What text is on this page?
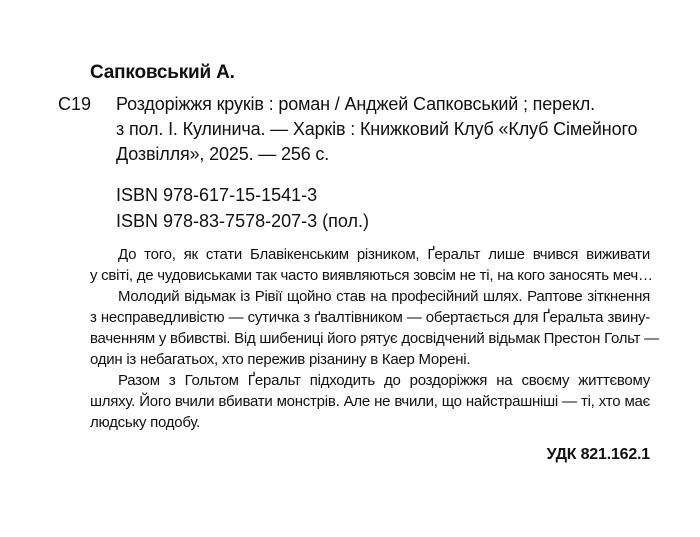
Сапковський А.
С19 Роздоріжжя круків : роман / Анджей Сапковський ; перекл.
з пол. І. Кулинича. — Харків : Книжковий Клуб «Клуб Сімейного
Дозвілля», 2025. — 256 с.
ISBN 978-617-15-1541-3
ISBN 978-83-7578-207-3 (пол.)
До того, як стати Блавікенським різником, Ґеральт лише вчився виживати
у світі, де чудовиськами так часто виявляються зовсім не ті, на кого заносять меч…
Молодий відьмак із Рівії щойно став на професійний шлях. Раптове зіткнення
з несправедливістю — сутичка з ґвалтівником — обертається для Ґеральта звину-
ваченням у вбивстві. Від шибениці його рятує досвідчений відьмак Престон Гольт —
один із небагатьох, хто пережив різанину в Каер Морені.
Разом з Гольтом Ґеральт підходить до роздоріжжя на своєму життєвому
шляху. Його вчили вбивати монстрів. Але не вчили, що найстрашніші — ті, хто має
людську подобу.
УДК 821.162.1
